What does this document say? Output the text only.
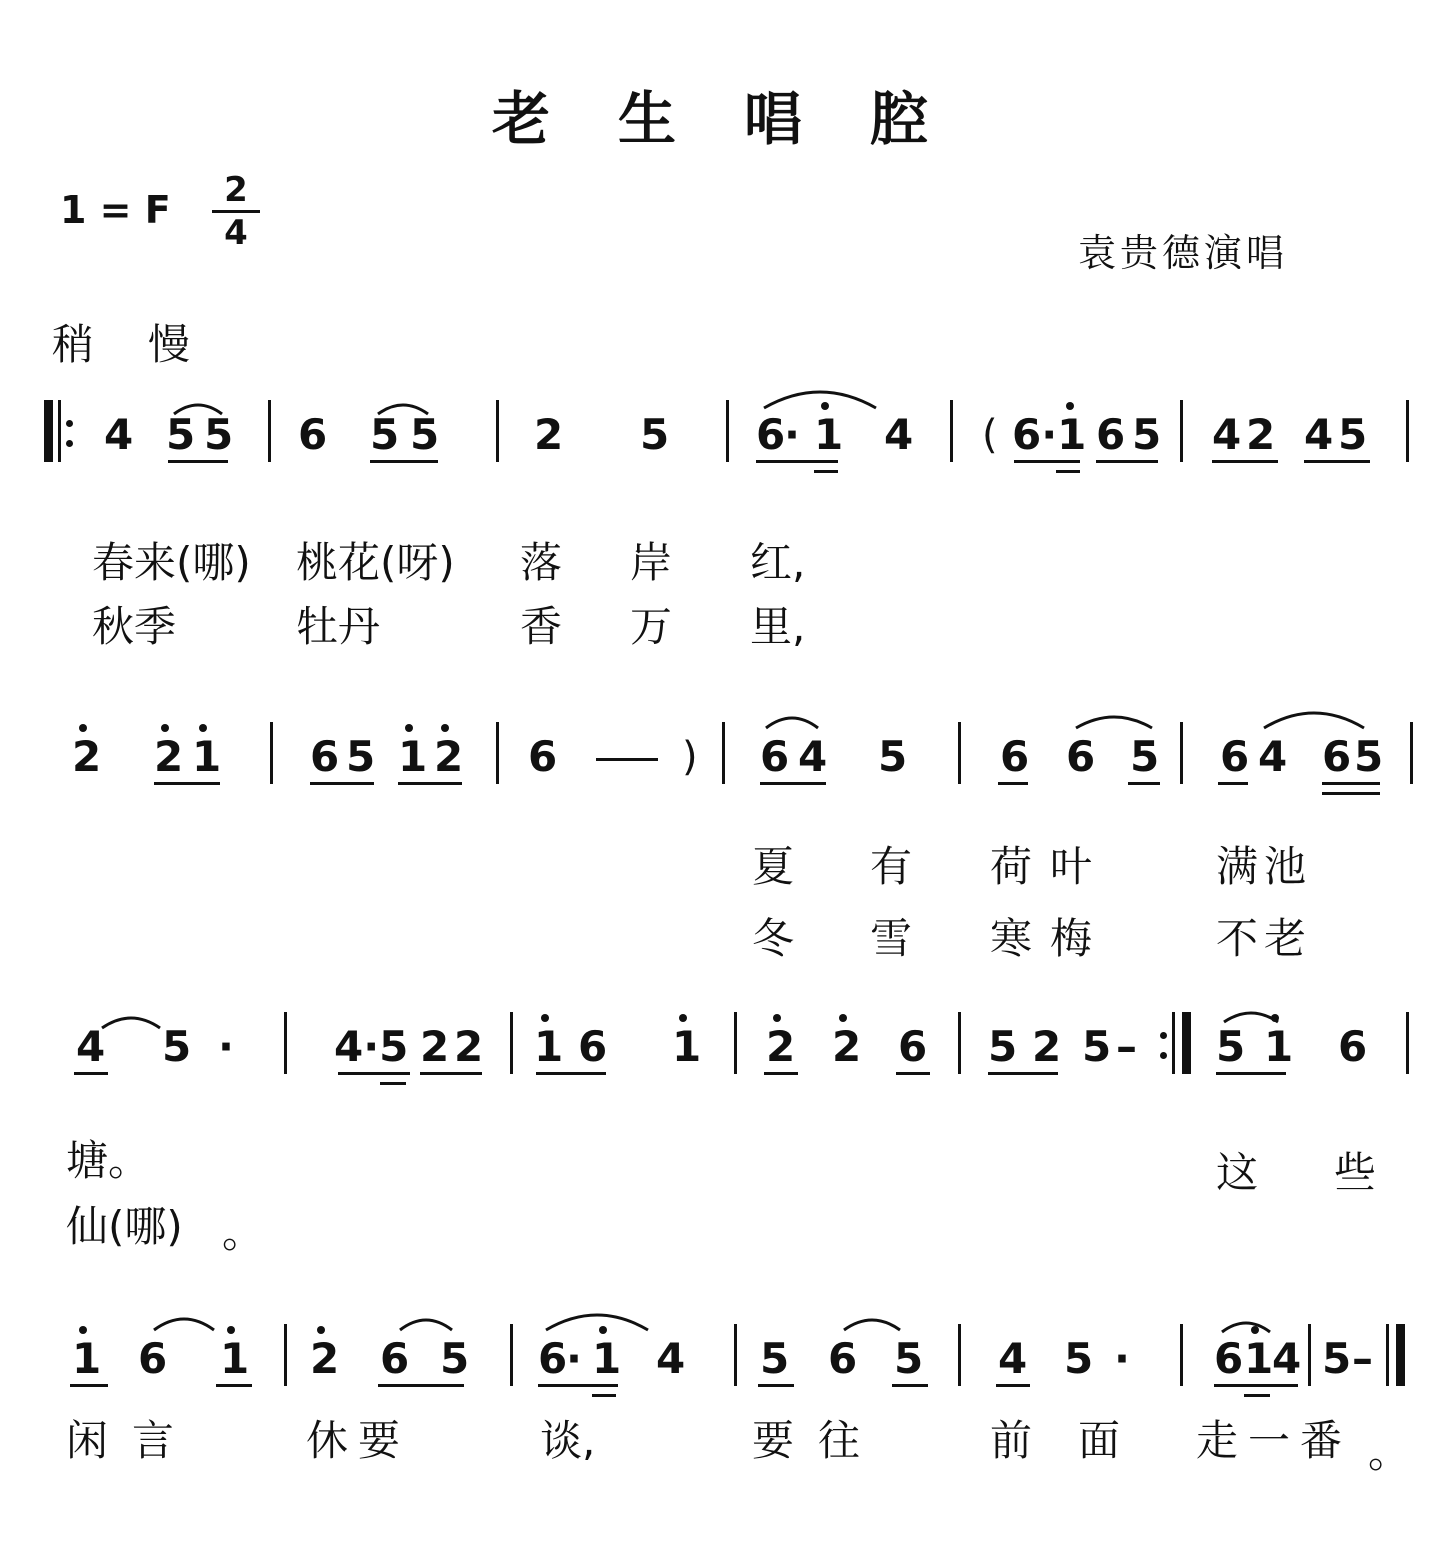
老生唱腔
1 = F	2
4	袁贵德演唱
稍慢
4 5 5 6 5 5 2 5 6
· 1 4 ( 6·1 6 5 4 2 4 5
春来(哪) 桃花(呀) 落 岸 红,
秋季	牡丹	香 万 里,
2 2 1 6 5 1 2 6	) 6 4 5 6 6 5 6 4 6 5
夏 有 荷叶	满池
冬 雪 寒梅	不老
4 5 · 4·5 2 2 1 6 1 2 2 6 5 2 5 – 5 1 6
塘。	这 些
仙(哪) 。
1 6 1 2 6 5 6
· 1 4 5 6 5 4 5 · 6 1
4 5 –
闲言	休要	谈,	要往	前面 走一番 。
